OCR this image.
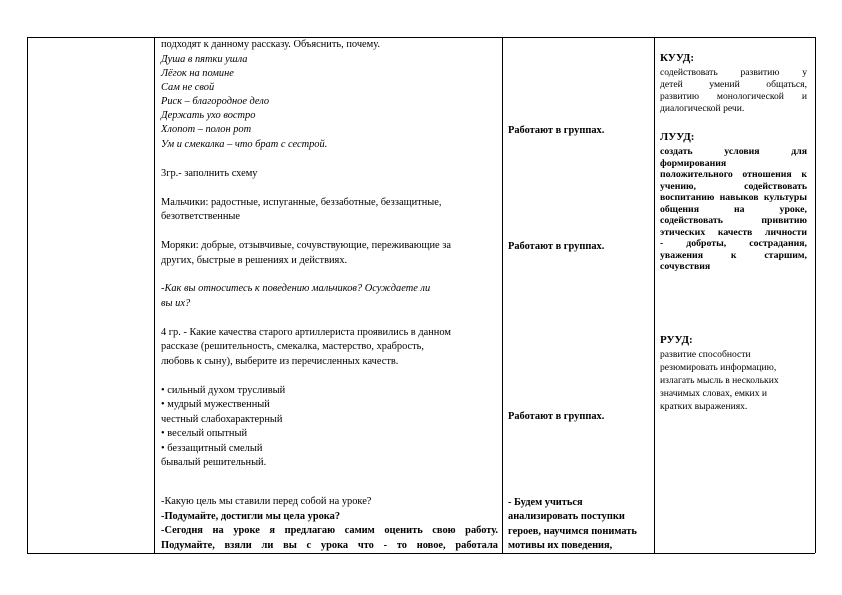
подходят к данному рассказу. Объяснить, почему.
Душа в пятки ушла
Лёгок на помине
Сам не свой
Риск – благородное дело
Держать ухо востро
Хлопот – полон рот
Ум и смекалка – что брат с сестрой.
3гр.- заполнить схему
Мальчики: радостные, испуганные, беззаботные, беззащитные,
безответственные
Моряки: добрые, отзывчивые, сочувствующие, переживающие за
других, быстрые в решениях и действиях.
-Как вы относитесь к поведению мальчиков? Осуждаете ли
вы их?
4 гр. - Какие качества старого артиллериста проявились в данном
рассказе (решительность, смекалка, мастерство, храбрость,
любовь к сыну), выберите из перечисленных качеств.
• сильный духом трусливый
• мудрый мужественный
честный слабохарактерный
• веселый опытный
• беззащитный смелый
бывалый решительный.
-Какую цель мы ставили перед собой на уроке?
-Подумайте, достигли мы цела урока?
-Сегодня на уроке я предлагаю самим оценить свою работу.
Подумайте, взяли ли вы с урока что - то новое, работала
Работают в группах.
Работают в группах.
Работают в группах.
- Будем учиться
анализировать поступки
героев, научимся понимать
мотивы их поведения,
КУУД:
содействовать развитию у
детей умений общаться,
развитию монологической и
диалогической речи.
ЛУУД:
создать условия для
формирования
положительного отношения к
учению, содействовать
воспитанию навыков культуры
общения на уроке,
содействовать привитию
этических качеств личности
- доброты, сострадания,
уважения к старшим,
сочувствия
РУУД:
развитие способности
резюмировать информацию,
излагать мысль в нескольких
значимых словах, емких и
кратких выражениях.
